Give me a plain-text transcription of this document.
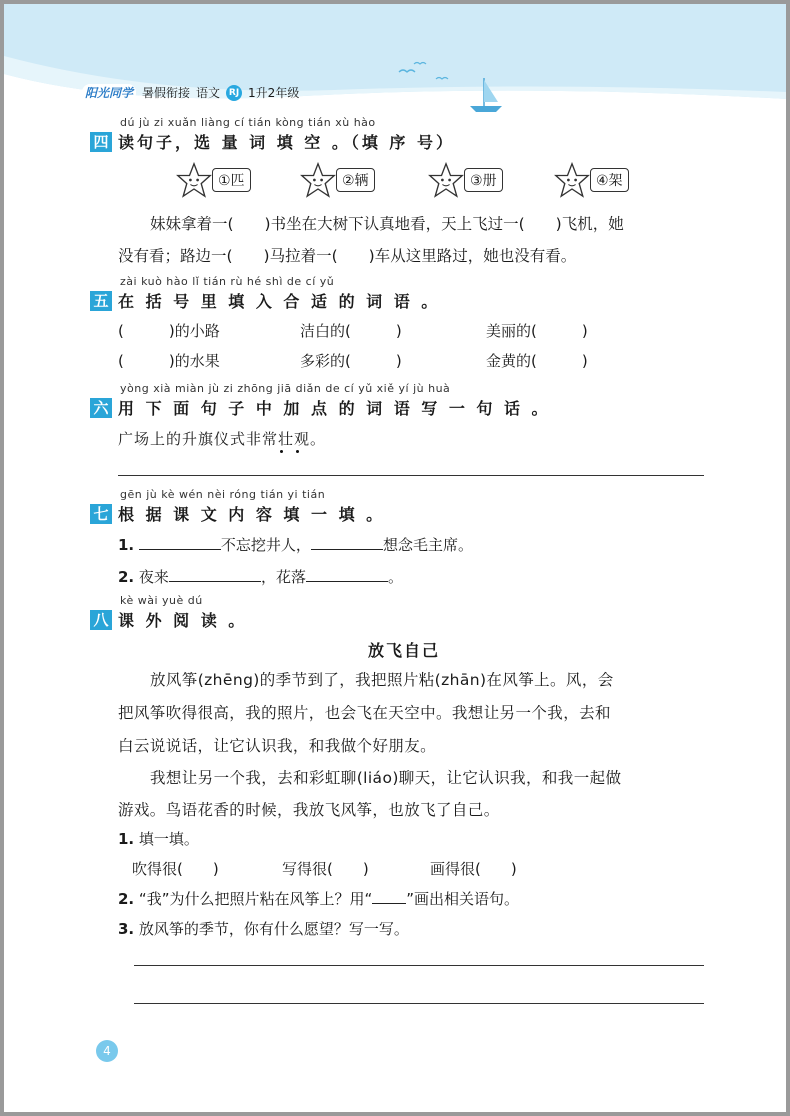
阳光同学 暑假衔接 语文 RJ 1升2年级
dú jù zi xuǎn liàng cí tián kòng tián xù hào
四 读句子，选 量 词 填 空 。（填 序 号）
①匹	②辆	③册	④架
妹妹拿着一(　　)书坐在大树下认真地看，天上飞过一(　　)飞机，她
没有看；路边一(　　)马拉着一(　　)车从这里路过，她也没有看。
zài kuò hào lǐ tián rù hé shì de cí yǔ
五 在 括 号 里 填 入 合 适 的 词 语 。
(　　　)的小路	洁白的(　　　)	美丽的(　　　)
(　　　)的水果	多彩的(　　　)	金黄的(　　　)
yòng xià miàn jù zi zhōng jiā diǎn de cí yǔ xiě yí jù huà
六 用 下 面 句 子 中 加 点 的 词 语 写 一 句 话 。
广场上的升旗仪式非常壮观。
gēn jù kè wén nèi róng tián yi tián
七 根 据 课 文 内 容 填 一 填 。
1.	不忘挖井人，	想念毛主席。
2. 夜来	，花落	。
kè wài yuè dú
八 课 外 阅 读 。
放飞自己
放风筝(zhēng)的季节到了，我把照片粘(zhān)在风筝上。风，会
把风筝吹得很高，我的照片，也会飞在天空中。我想让另一个我，去和
白云说说话，让它认识我，和我做个好朋友。
我想让另一个我，去和彩虹聊(liáo)聊天，让它认识我，和我一起做
游戏。鸟语花香的时候，我放飞风筝，也放飞了自己。
1. 填一填。
吹得很(　　)	写得很(　　)	画得很(　　)
2. “我”为什么把照片粘在风筝上？用“ ”画出相关语句。
3. 放风筝的季节，你有什么愿望？写一写。
4
